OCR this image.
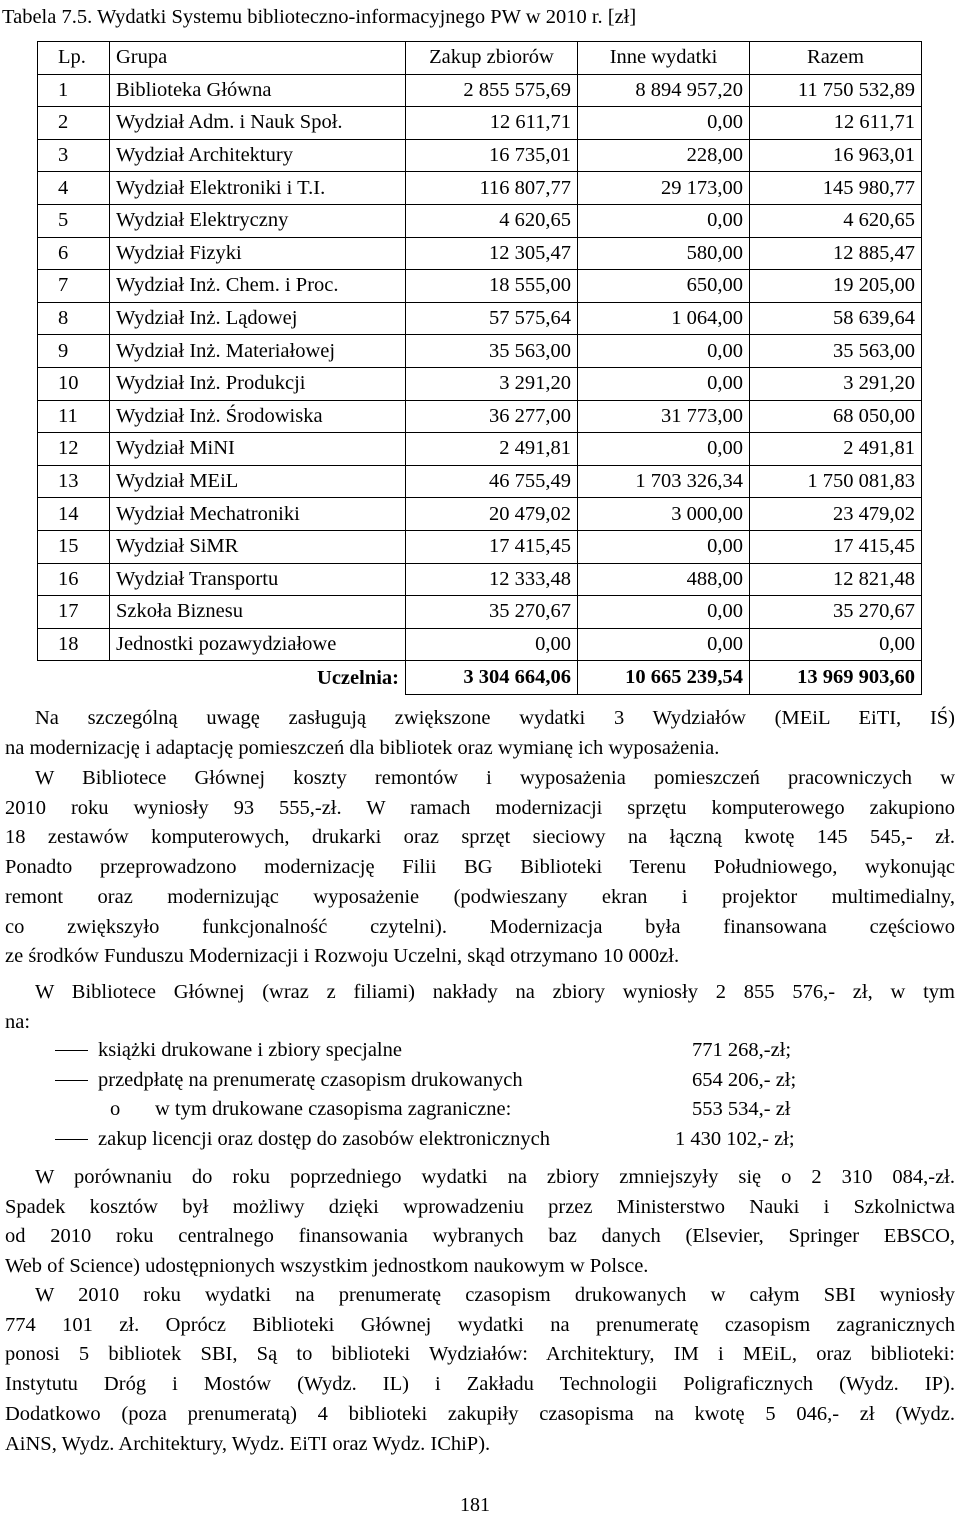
Tabela 7.5. Wydatki Systemu biblioteczno-informacyjnego PW w 2010 r. [zł]
Lp.	Grupa	Zakup zbiorów	Inne wydatki	Razem
1	Biblioteka Główna	2 855 575,69	8 894 957,20	11 750 532,89
2	Wydział Adm. i Nauk Społ.	12 611,71	0,00	12 611,71
3	Wydział Architektury	16 735,01	228,00	16 963,01
4	Wydział Elektroniki i T.I.	116 807,77	29 173,00	145 980,77
5	Wydział Elektryczny	4 620,65	0,00	4 620,65
6	Wydział Fizyki	12 305,47	580,00	12 885,47
7	Wydział Inż. Chem. i Proc.	18 555,00	650,00	19 205,00
8	Wydział Inż. Lądowej	57 575,64	1 064,00	58 639,64
9	Wydział Inż. Materiałowej	35 563,00	0,00	35 563,00
10	Wydział Inż. Produkcji	3 291,20	0,00	3 291,20
11	Wydział Inż. Środowiska	36 277,00	31 773,00	68 050,00
12	Wydział MiNI	2 491,81	0,00	2 491,81
13	Wydział MEiL	46 755,49	1 703 326,34	1 750 081,83
14	Wydział Mechatroniki	20 479,02	3 000,00	23 479,02
15	Wydział SiMR	17 415,45	0,00	17 415,45
16	Wydział Transportu	12 333,48	488,00	12 821,48
17	Szkoła Biznesu	35 270,67	0,00	35 270,67
18	Jednostki pozawydziałowe	0,00	0,00	0,00
Uczelnia:		3 304 664,06	10 665 239,54	13 969 903,60
Na szczególną uwagę zasługują zwiększone wydatki 3 Wydziałów (MEiL EiTI, IŚ)
na modernizację i adaptację pomieszczeń dla bibliotek oraz wymianę ich wyposażenia.
W Bibliotece Głównej koszty remontów i wyposażenia pomieszczeń pracowniczych w
2010 roku wyniosły 93 555,-zł. W ramach modernizacji sprzętu komputerowego zakupiono
18 zestawów komputerowych, drukarki oraz sprzęt sieciowy na łączną kwotę 145 545,- zł.
Ponadto przeprowadzono modernizację Filii BG Biblioteki Terenu Południowego, wykonując
remont oraz modernizując wyposażenie (podwieszany ekran i projektor multimedialny,
co zwiększyło funkcjonalność czytelni). Modernizacja była finansowana częściowo
ze środków Funduszu Modernizacji i Rozwoju Uczelni, skąd otrzymano 10 000zł.
W Bibliotece Głównej (wraz z filiami) nakłady na zbiory wyniosły 2 855 576,- zł, w tym
na:
książki drukowane i zbiory specjalne	771 268,-zł;
przedpłatę na prenumeratę czasopism drukowanych	654 206,- zł;
o w tym drukowane czasopisma zagraniczne:	553 534,- zł
zakup licencji oraz dostęp do zasobów elektronicznych	1 430 102,- zł;
W porównaniu do roku poprzedniego wydatki na zbiory zmniejszyły się o 2 310 084,-zł.
Spadek kosztów był możliwy dzięki wprowadzeniu przez Ministerstwo Nauki i Szkolnictwa
od 2010 roku centralnego finansowania wybranych baz danych (Elsevier, Springer EBSCO,
Web of Science) udostępnionych wszystkim jednostkom naukowym w Polsce.
W 2010 roku wydatki na prenumeratę czasopism drukowanych w całym SBI wyniosły
774 101 zł. Oprócz Biblioteki Głównej wydatki na prenumeratę czasopism zagranicznych
ponosi 5 bibliotek SBI, Są to biblioteki Wydziałów: Architektury, IM i MEiL, oraz biblioteki:
Instytutu Dróg i Mostów (Wydz. IL) i Zakładu Technologii Poligraficznych (Wydz. IP).
Dodatkowo (poza prenumeratą) 4 biblioteki zakupiły czasopisma na kwotę 5 046,- zł (Wydz.
AiNS, Wydz. Architektury, Wydz. EiTI oraz Wydz. IChiP).
181
